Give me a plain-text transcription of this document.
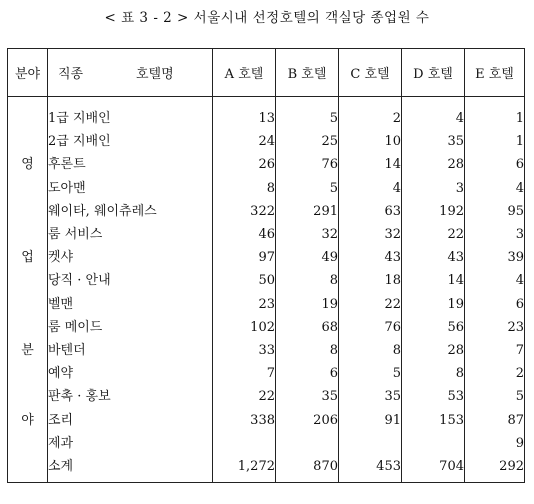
< 표 3 - 2 > 서울시내 선정호텔의 객실당 종업원 수
분야	직종 호텔명	A 호텔	B 호텔	C 호텔	D 호텔	E 호텔
	1급 지배인	13	5	2	4	1
	2급 지배인	24	25	10	35	1
영	후론트	26	76	14	28	6
	도아맨	8	5	4	3	4
	웨이타, 웨이츄레스	322	291	63	192	95
	룸 서비스	46	32	32	22	3
업	켓샤	97	49	43	43	39
	당직 · 안내	50	8	18	14	4
	벨맨	23	19	22	19	6
	룸 메이드	102	68	76	56	23
분	바텐더	33	8	8	28	7
	예약	7	6	5	8	2
	판촉 · 홍보	22	35	35	53	5
야	조리	338	206	91	153	87
	제과					9
	소계	1,272	870	453	704	292
